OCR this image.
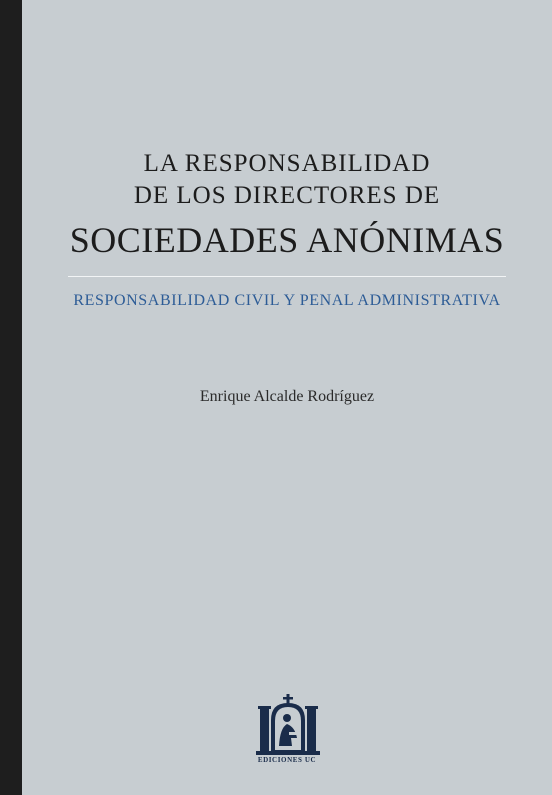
LA RESPONSABILIDAD
DE LOS DIRECTORES DE
SOCIEDADES ANÓNIMAS
RESPONSABILIDAD CIVIL Y PENAL ADMINISTRATIVA
Enrique Alcalde Rodríguez
EDICIONES UC
